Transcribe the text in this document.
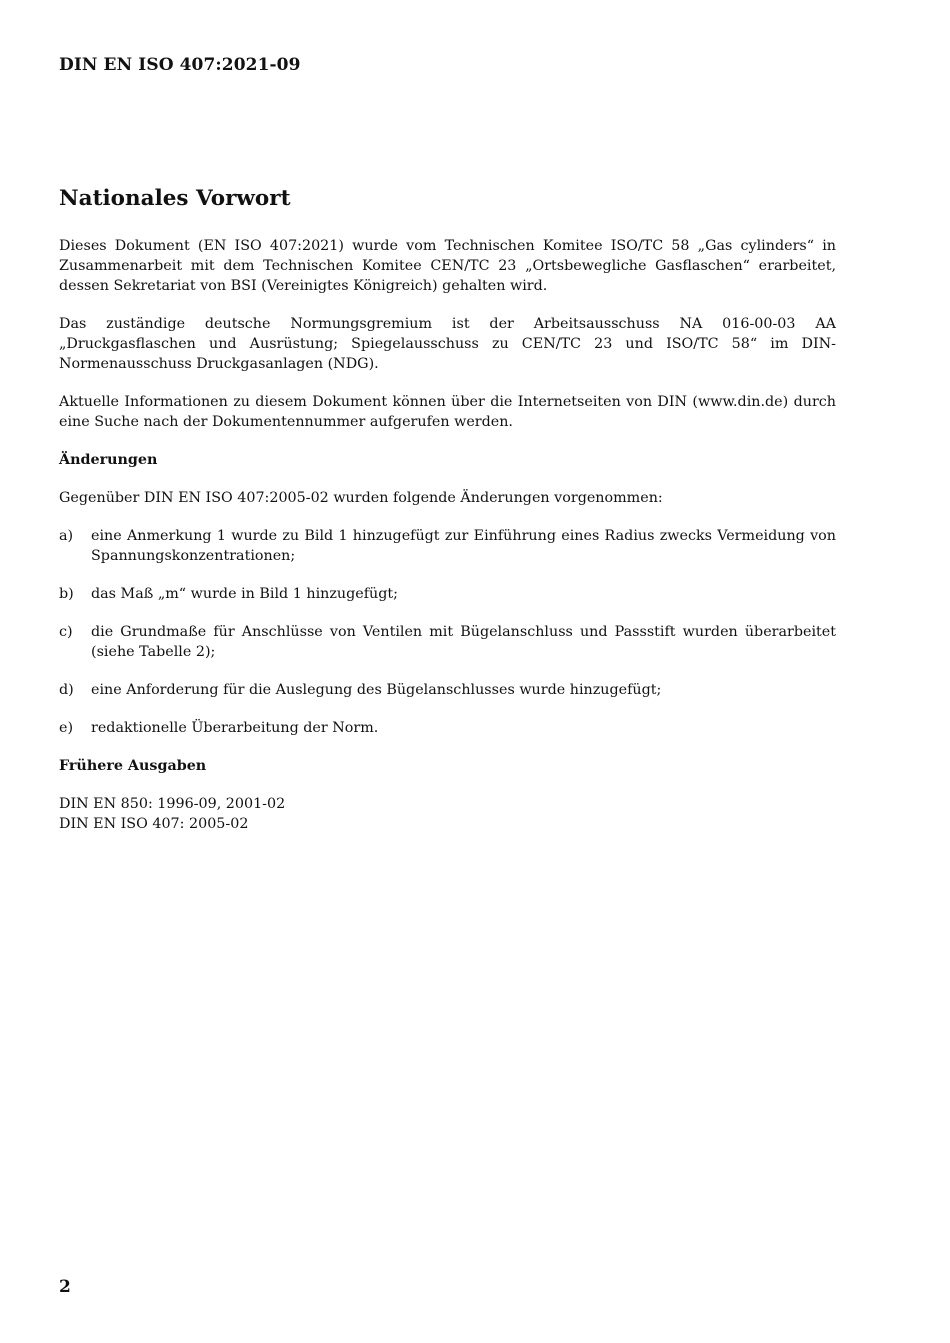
DIN EN ISO 407:2021-09
Nationales Vorwort

Dieses Dokument (EN ISO 407:2021) wurde vom Technischen Komitee ISO/TC 58 „Gas cylinders“ in Zusammenarbeit mit dem Technischen Komitee CEN/TC 23 „Ortsbewegliche Gasflaschen“ erarbeitet, dessen Sekretariat von BSI (Vereinigtes Königreich) gehalten wird.

Das zuständige deutsche Normungsgremium ist der Arbeitsausschuss NA 016-00-03 AA „Druckgasflaschen und Ausrüstung; Spiegelausschuss zu CEN/TC 23 und ISO/TC 58“ im DIN-Normenausschuss Druckgasanlagen (NDG).

Aktuelle Informationen zu diesem Dokument können über die Internetseiten von DIN (www.din.de) durch eine Suche nach der Dokumentennummer aufgerufen werden.

Änderungen

Gegenüber DIN EN ISO 407:2005-02 wurden folgende Änderungen vorgenommen:

a)	eine Anmerkung 1 wurde zu Bild 1 hinzugefügt zur Einführung eines Radius zwecks Vermeidung von Spannungskonzentrationen;
b)	das Maß „m“ wurde in Bild 1 hinzugefügt;
c)	die Grundmaße für Anschlüsse von Ventilen mit Bügelanschluss und Passstift wurden überarbeitet (siehe Tabelle 2);
d)	eine Anforderung für die Auslegung des Bügelanschlusses wurde hinzugefügt;
e)	redaktionelle Überarbeitung der Norm.
Frühere Ausgaben

DIN EN 850: 1996-09, 2001-02

DIN EN ISO 407: 2005-02

2
